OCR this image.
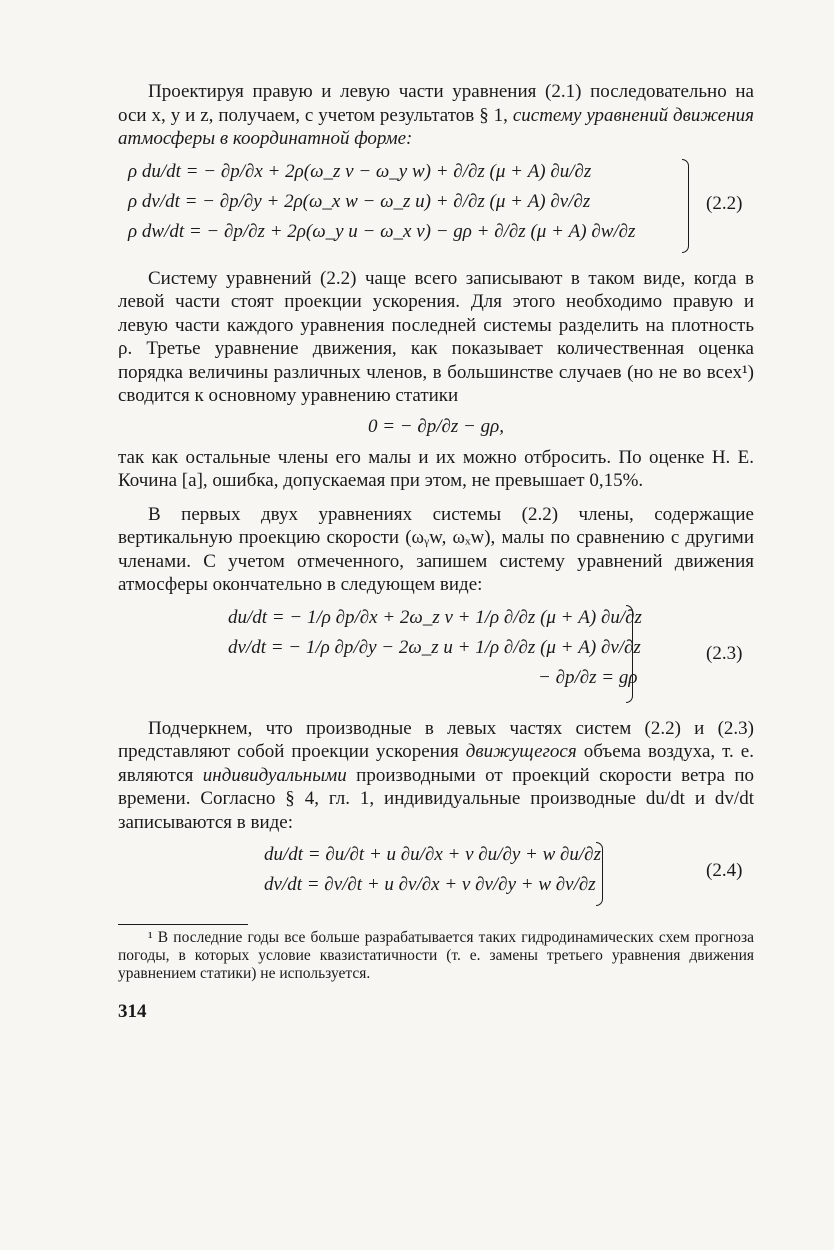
Проектируя правую и левую части уравнения (2.1) последовательно на оси x, y и z, получаем, с учетом результатов § 1, систему уравнений движения атмосферы в координатной форме:

ρ du/dt = − ∂p/∂x + 2ρ(ω_z v − ω_y w) + ∂/∂z (μ + A) ∂u/∂z
ρ dv/dt = − ∂p/∂y + 2ρ(ω_x w − ω_z u) + ∂/∂z (μ + A) ∂v/∂z
ρ dw/dt = − ∂p/∂z + 2ρ(ω_y u − ω_x v) − gρ + ∂/∂z (μ + A) ∂w/∂z
(2.2)

Систему уравнений (2.2) чаще всего записывают в таком виде, когда в левой части стоят проекции ускорения. Для этого необходимо правую и левую части каждого уравнения последней системы разделить на плотность ρ. Третье уравнение движения, как показывает количественная оценка порядка величины различных членов, в большинстве случаев (но не во всех¹) сводится к основному уравнению статики

0 = − ∂p/∂z − gρ,

так как остальные члены его малы и их можно отбросить. По оценке Н. Е. Кочина [а], ошибка, допускаемая при этом, не превышает 0,15%.

В первых двух уравнениях системы (2.2) члены, содержащие вертикальную проекцию скорости (ωᵧw, ωₓw), малы по сравнению с другими членами. С учетом отмеченного, запишем систему уравнений движения атмосферы окончательно в следующем виде:

du/dt = − 1/ρ ∂p/∂x + 2ω_z v + 1/ρ ∂/∂z (μ + A) ∂u/∂z
dv/dt = − 1/ρ ∂p/∂y − 2ω_z u + 1/ρ ∂/∂z (μ + A) ∂v/∂z
− ∂p/∂z = gρ
(2.3)

Подчеркнем, что производные в левых частях систем (2.2) и (2.3) представляют собой проекции ускорения движущегося объема воздуха, т. е. являются индивидуальными производными от проекций скорости ветра по времени. Согласно § 4, гл. 1, индивидуальные производные du/dt и dv/dt записываются в виде:

du/dt = ∂u/∂t + u ∂u/∂x + v ∂u/∂y + w ∂u/∂z
dv/dt = ∂v/∂t + u ∂v/∂x + v ∂v/∂y + w ∂v/∂z
(2.4)

¹ В последние годы все больше разрабатывается таких гидродинамических схем прогноза погоды, в которых условие квазистатичности (т. е. замены третьего уравнения движения уравнением статики) не используется.

314
